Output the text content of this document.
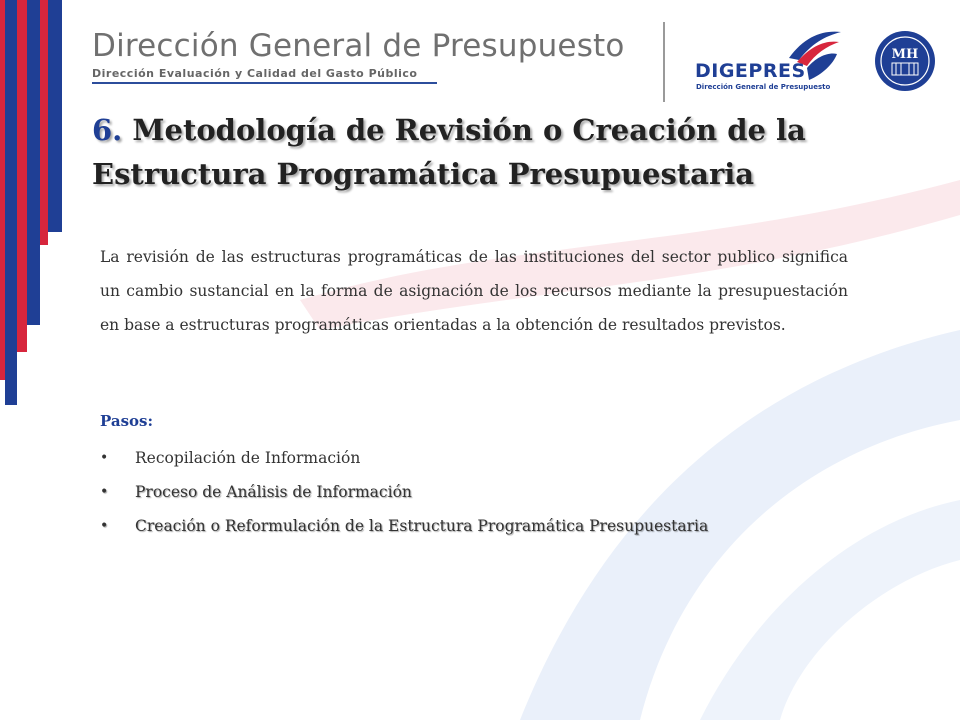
Dirección General de Presupuesto
Dirección Evaluación y Calidad del Gasto Público	DIGEPRES
Dirección General de Presupuesto
MH
6. Metodología de Revisión o Creación de la Estructura Programática Presupuestaria

La revisión de las estructuras programáticas de las instituciones del sector publico significa un cambio sustancial en la forma de asignación de los recursos mediante la presupuestación en base a estructuras programáticas orientadas a la obtención de resultados previstos.

Pasos:
• Recopilación de Información
• Proceso de Análisis de Información
• Creación o Reformulación de la Estructura Programática Presupuestaria
